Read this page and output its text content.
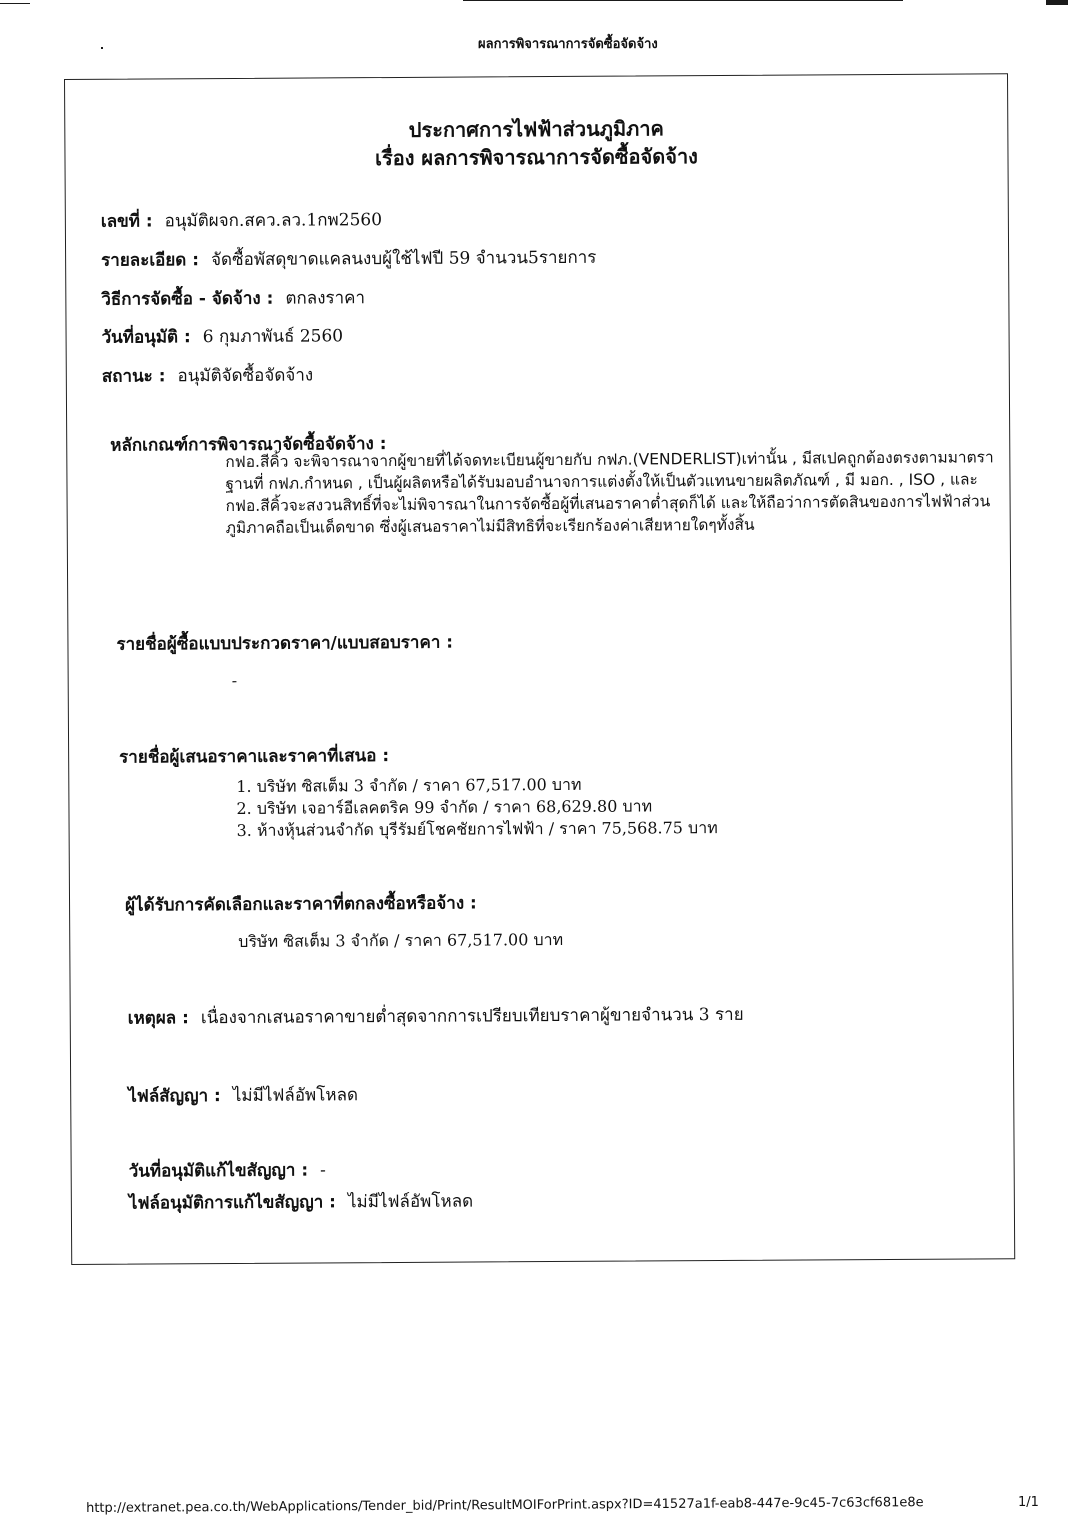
ผลการพิจารณาการจัดซื้อจัดจ้าง
ประกาศการไฟฟ้าส่วนภูมิภาค
เรื่อง ผลการพิจารณาการจัดซื้อจัดจ้าง
เลขที่ : อนุมัติผจก.สคว.ลว.1กพ2560
รายละเอียด : จัดซื้อพัสดุขาดแคลนงบผู้ใช้ไฟปี 59 จำนวน5รายการ
วิธีการจัดซื้อ - จัดจ้าง : ตกลงราคา
วันที่อนุมัติ : 6 กุมภาพันธ์ 2560
สถานะ : อนุมัติจัดซื้อจัดจ้าง
หลักเกณฑ์การพิจารณาจัดซื้อจัดจ้าง :
กฟอ.สีคิ้ว จะพิจารณาจากผู้ขายที่ได้จดทะเบียนผู้ขายกับ กฟภ.(VENDERLIST)เท่านั้น , มีสเปคถูกต้องตรงตามมาตราฐานที่ กฟภ.กำหนด , เป็นผู้ผลิตหรือได้รับมอบอำนาจการแต่งตั้งให้เป็นตัวแทนขายผลิตภัณฑ์ , มี มอก. , ISO , และกฟอ.สีคิ้วจะสงวนสิทธิ์ที่จะไม่พิจารณาในการจัดซื้อผู้ที่เสนอราคาต่ำสุดก็ได้ และให้ถือว่าการตัดสินของการไฟฟ้าส่วนภูมิภาคถือเป็นเด็ดขาด ซึ่งผู้เสนอราคาไม่มีสิทธิที่จะเรียกร้องค่าเสียหายใดๆทั้งสิ้น
รายชื่อผู้ซื้อแบบประกวดราคา/แบบสอบราคา :
-
รายชื่อผู้เสนอราคาและราคาที่เสนอ :
1. บริษัท ซิสเต็ม 3 จำกัด / ราคา 67,517.00 บาท
2. บริษัท เจอาร์อีเลคตริค 99 จำกัด / ราคา 68,629.80 บาท
3. ห้างหุ้นส่วนจำกัด บุรีรัมย์โชคชัยการไฟฟ้า / ราคา 75,568.75 บาท
ผู้ได้รับการคัดเลือกและราคาที่ตกลงซื้อหรือจ้าง :
บริษัท ซิสเต็ม 3 จำกัด / ราคา 67,517.00 บาท
เหตุผล : เนื่องจากเสนอราคาขายต่ำสุดจากการเปรียบเทียบราคาผู้ขายจำนวน 3 ราย
ไฟล์สัญญา : ไม่มีไฟล์อัพโหลด
วันที่อนุมัติแก้ไขสัญญา : -
ไฟล์อนุมัติการแก้ไขสัญญา : ไม่มีไฟล์อัพโหลด
http://extranet.pea.co.th/WebApplications/Tender_bid/Print/ResultMOIForPrint.aspx?ID=41527a1f-eab8-447e-9c45-7c63cf681e8e	1/1
